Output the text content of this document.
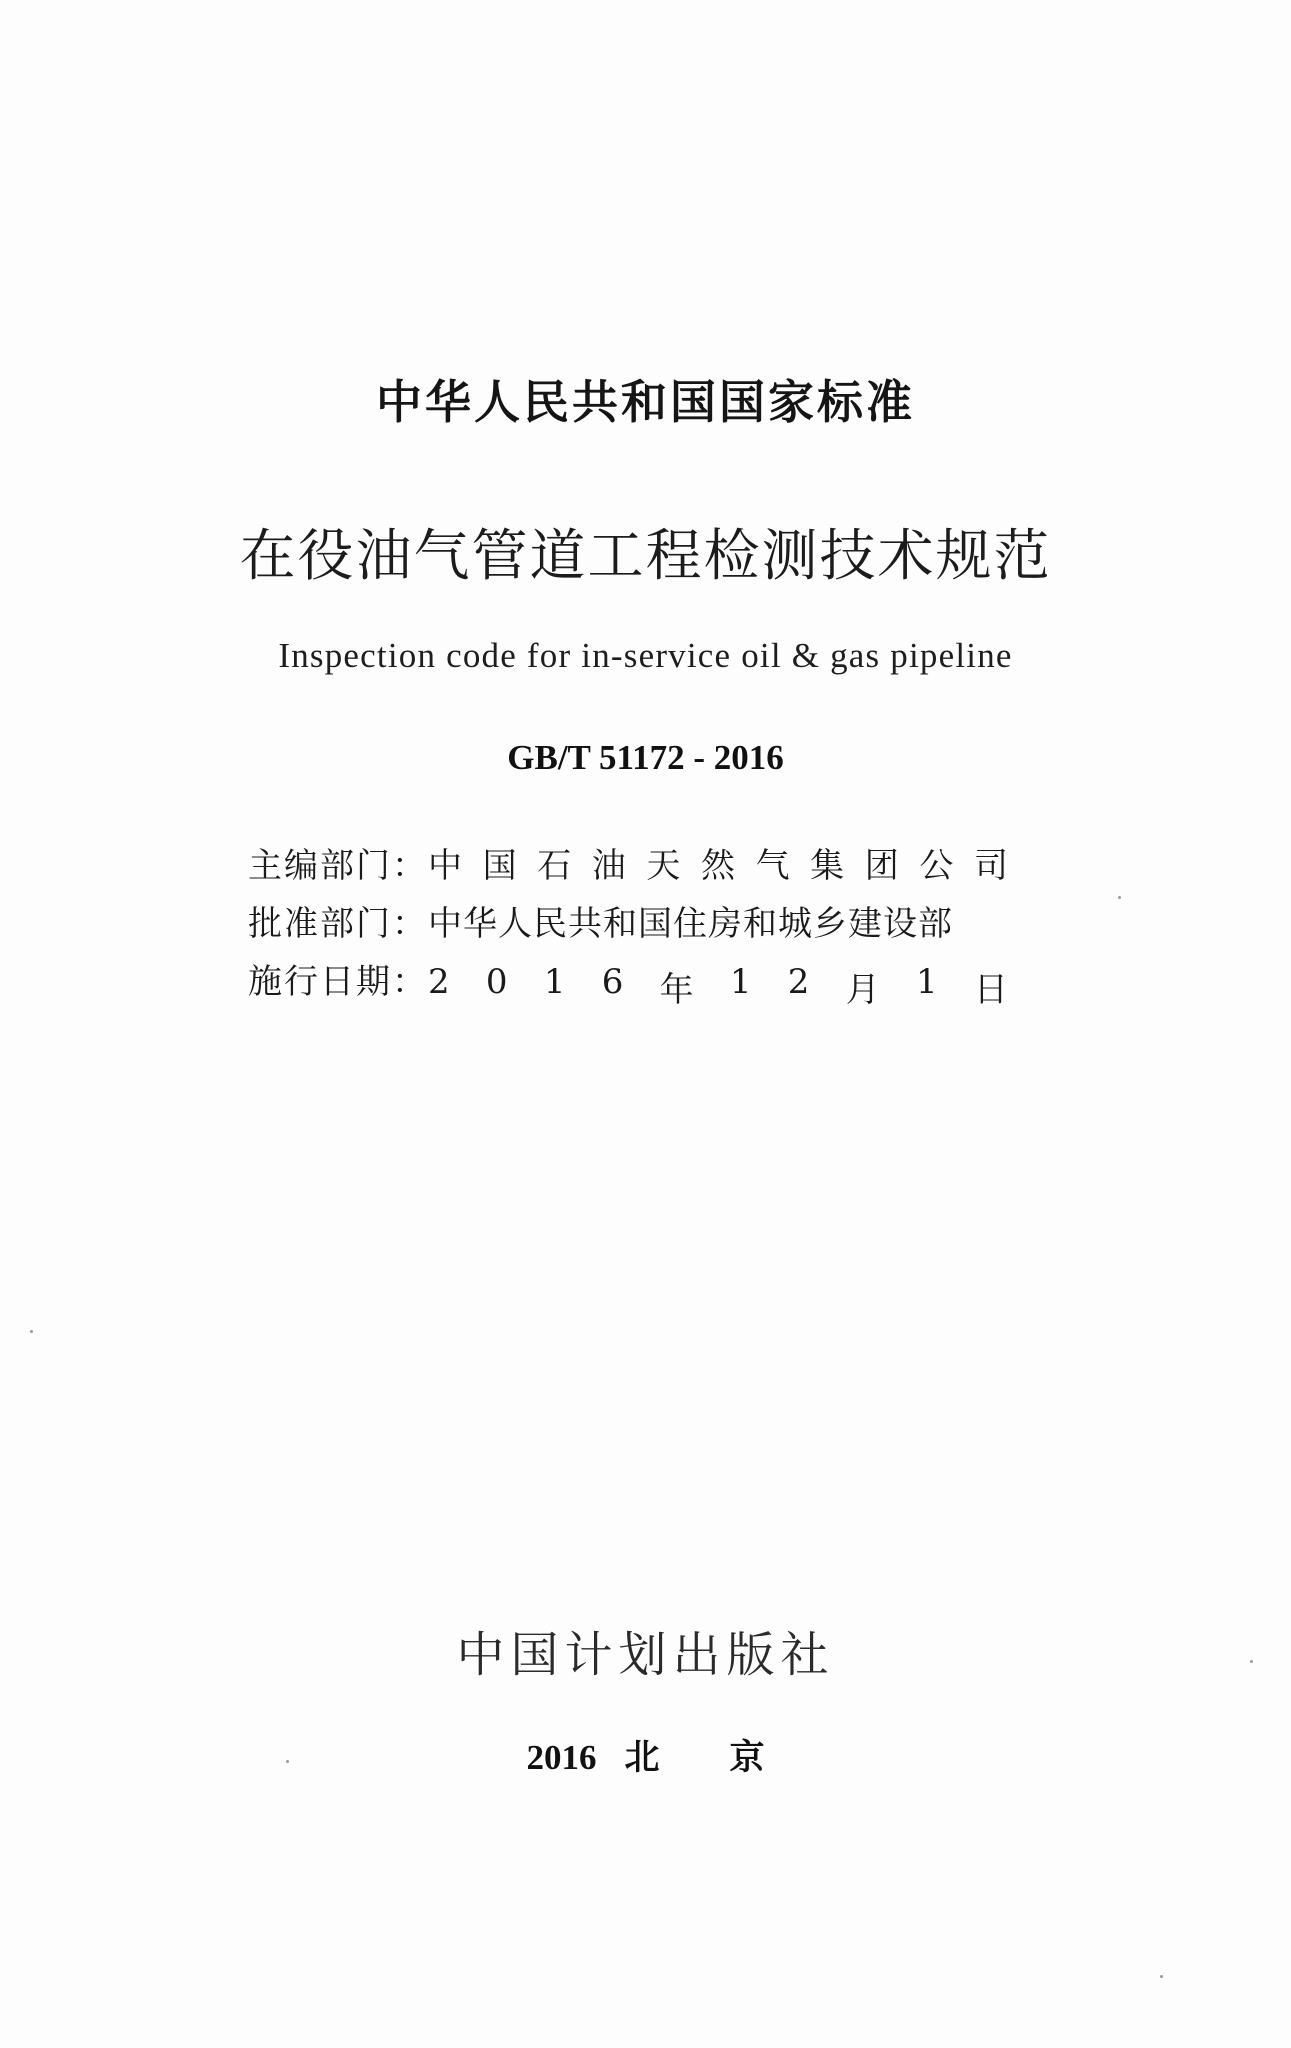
中华人民共和国国家标准
在役油气管道工程检测技术规范
Inspection code for in-service oil & gas pipeline
GB/T 51172 - 2016
主编部门： 中 国 石 油 天 然 气 集 团 公 司
批准部门： 中华人民共和国住房和城乡建设部
施行日期： 2 0 1 6 年 1 2 月 1 日
中国计划出版社
2016 北 京
